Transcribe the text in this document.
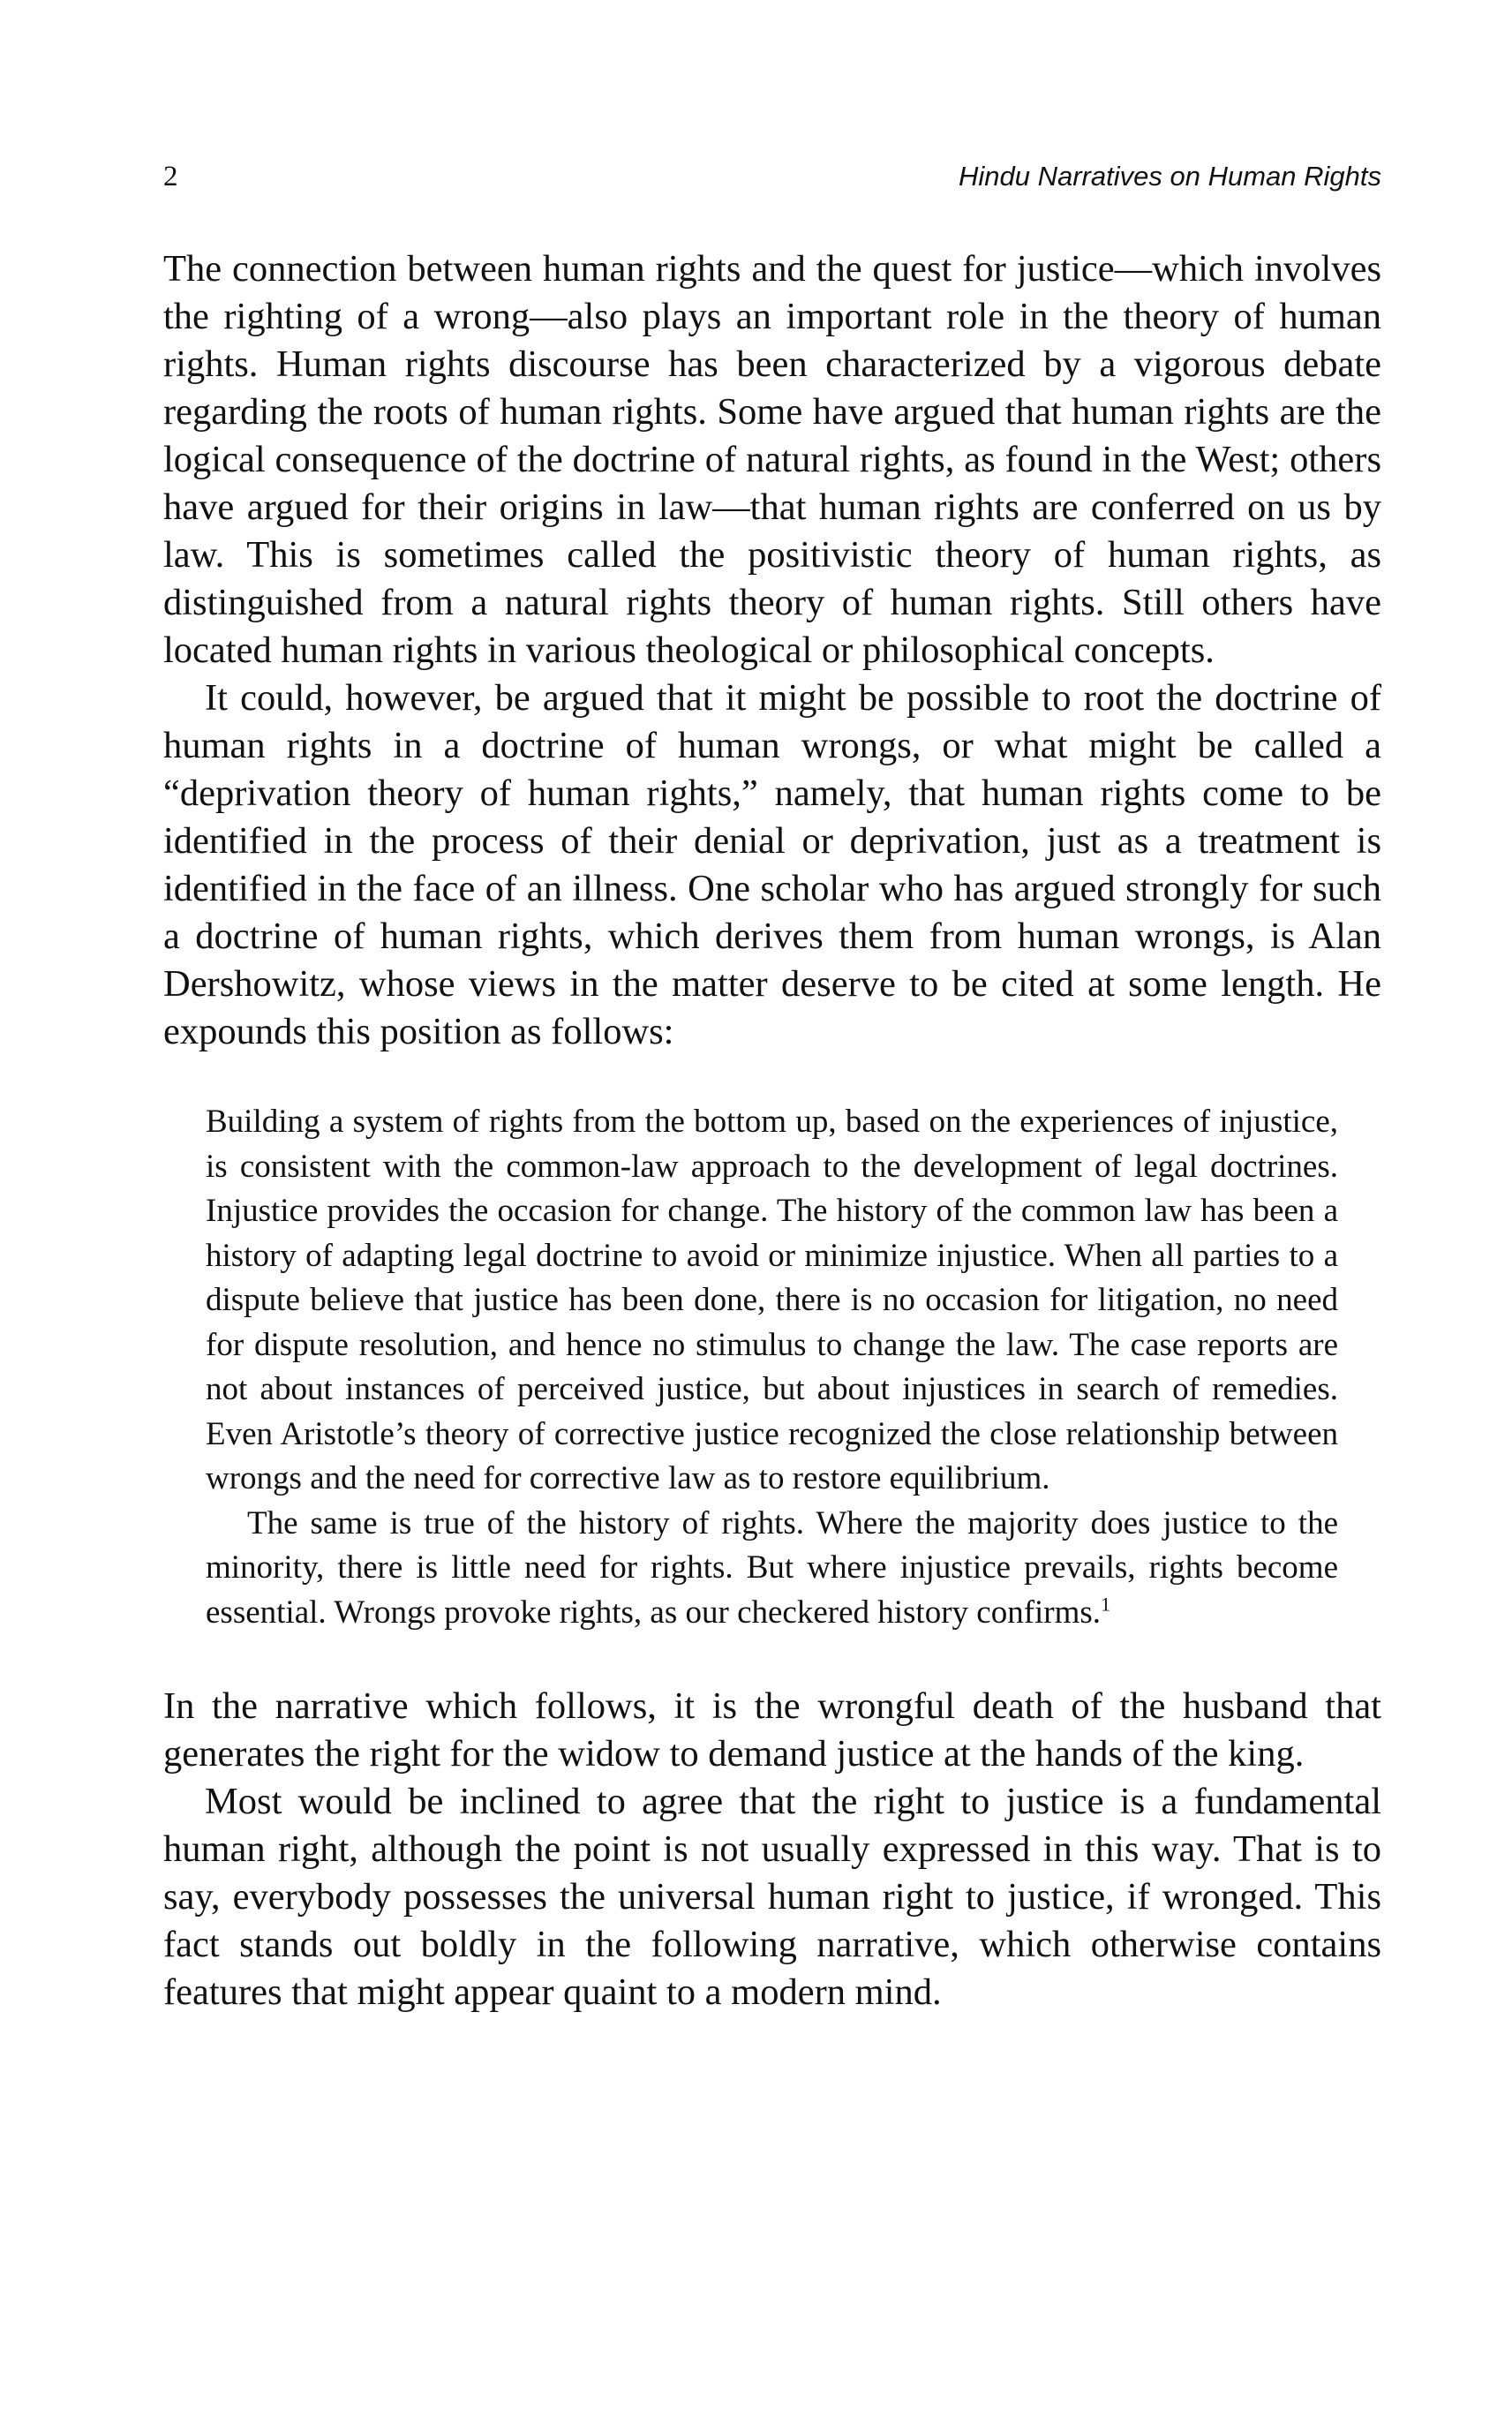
2	Hindu Narratives on Human Rights

The connection between human rights and the quest for justice—which involves the righting of a wrong—also plays an important role in the theory of human rights. Human rights discourse has been characterized by a vigorous debate regarding the roots of human rights. Some have argued that human rights are the logical consequence of the doctrine of natural rights, as found in the West; others have argued for their origins in law—that human rights are conferred on us by law. This is sometimes called the positivistic theory of human rights, as distinguished from a natural rights theory of human rights. Still others have located human rights in various theological or philosophical concepts.

It could, however, be argued that it might be possible to root the doctrine of human rights in a doctrine of human wrongs, or what might be called a “deprivation theory of human rights,” namely, that human rights come to be identified in the process of their denial or deprivation, just as a treatment is identified in the face of an illness. One scholar who has argued strongly for such a doctrine of human rights, which derives them from human wrongs, is Alan Dershowitz, whose views in the matter deserve to be cited at some length. He expounds this position as follows:

Building a system of rights from the bottom up, based on the experiences of injustice, is consistent with the common-law approach to the development of legal doctrines. Injustice provides the occasion for change. The history of the common law has been a history of adapting legal doctrine to avoid or minimize injustice. When all parties to a dispute believe that justice has been done, there is no occasion for litigation, no need for dispute resolution, and hence no stimulus to change the law. The case reports are not about instances of perceived justice, but about injustices in search of remedies. Even Aristotle’s theory of corrective justice recognized the close relationship between wrongs and the need for corrective law as to restore equilibrium.

The same is true of the history of rights. Where the majority does justice to the minority, there is little need for rights. But where injustice prevails, rights become essential. Wrongs provoke rights, as our checkered history confirms.$^1$

In the narrative which follows, it is the wrongful death of the husband that generates the right for the widow to demand justice at the hands of the king.

Most would be inclined to agree that the right to justice is a fundamental human right, although the point is not usually expressed in this way. That is to say, everybody possesses the universal human right to justice, if wronged. This fact stands out boldly in the following narrative, which otherwise contains features that might appear quaint to a modern mind.
